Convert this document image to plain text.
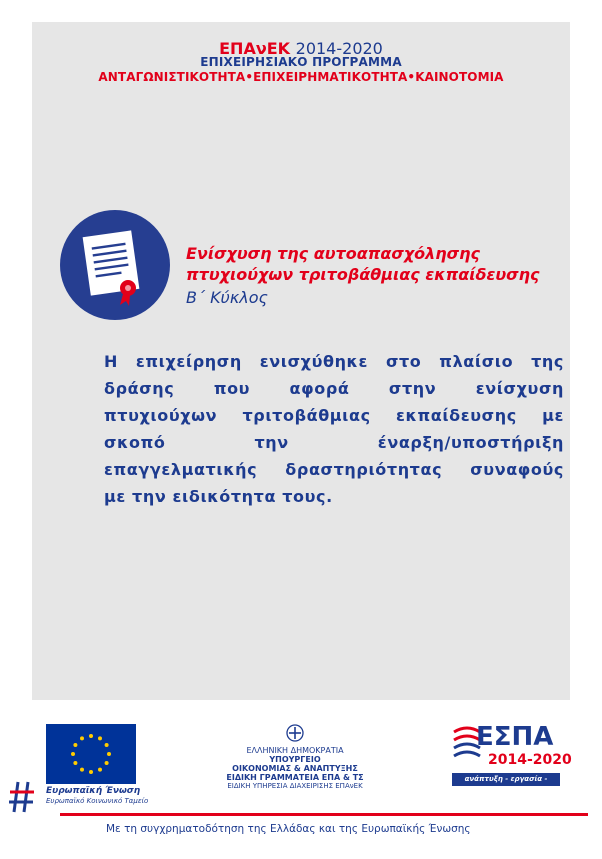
ΕΠΑνΕΚ 2014-2020
ΕΠΙΧΕΙΡΗΣΙΑΚΟ ΠΡΟΓΡΑΜΜΑ
ΑΝΤΑΓΩΝΙΣΤΙΚΟΤΗΤΑ•ΕΠΙΧΕΙΡΗΜΑΤΙΚΟΤΗΤΑ•ΚΑΙΝΟΤΟΜΙΑ
Ενίσχυση της αυτοαπασχόλησης
πτυχιούχων τριτοβάθμιας εκπαίδευσης
Β΄ Κύκλος
Η επιχείρηση ενισχύθηκε στο πλαίσιο της
δράσης που αφορά στην ενίσχυση
πτυχιούχων τριτοβάθμιας εκπαίδευσης με
σκοπό την έναρξη/υποστήριξη
επαγγελματικής δραστηριότητας συναφούς
με την ειδικότητα τους.
Ευρωπαϊκή Ένωση
Ευρωπαϊκό Κοινωνικό Ταμείο
ΕΛΛΗΝΙΚΗ ΔΗΜΟΚΡΑΤΙΑ
ΥΠΟΥΡΓΕΙΟ
ΟΙΚΟΝΟΜΙΑΣ & ΑΝΑΠΤΥΞΗΣ
ΕΙΔΙΚΗ ΓΡΑΜΜΑΤΕΙΑ ΕΠΑ & ΤΣ
ΕΙΔΙΚΗ ΥΠΗΡΕΣΙΑ ΔΙΑΧΕΙΡΙΣΗΣ ΕΠΑνΕΚ
ΕΣΠΑ
2014-2020
ανάπτυξη - εργασία - αλληλεγγύη
Με τη συγχρηματοδότηση της Ελλάδας και της Ευρωπαϊκής Ένωσης
